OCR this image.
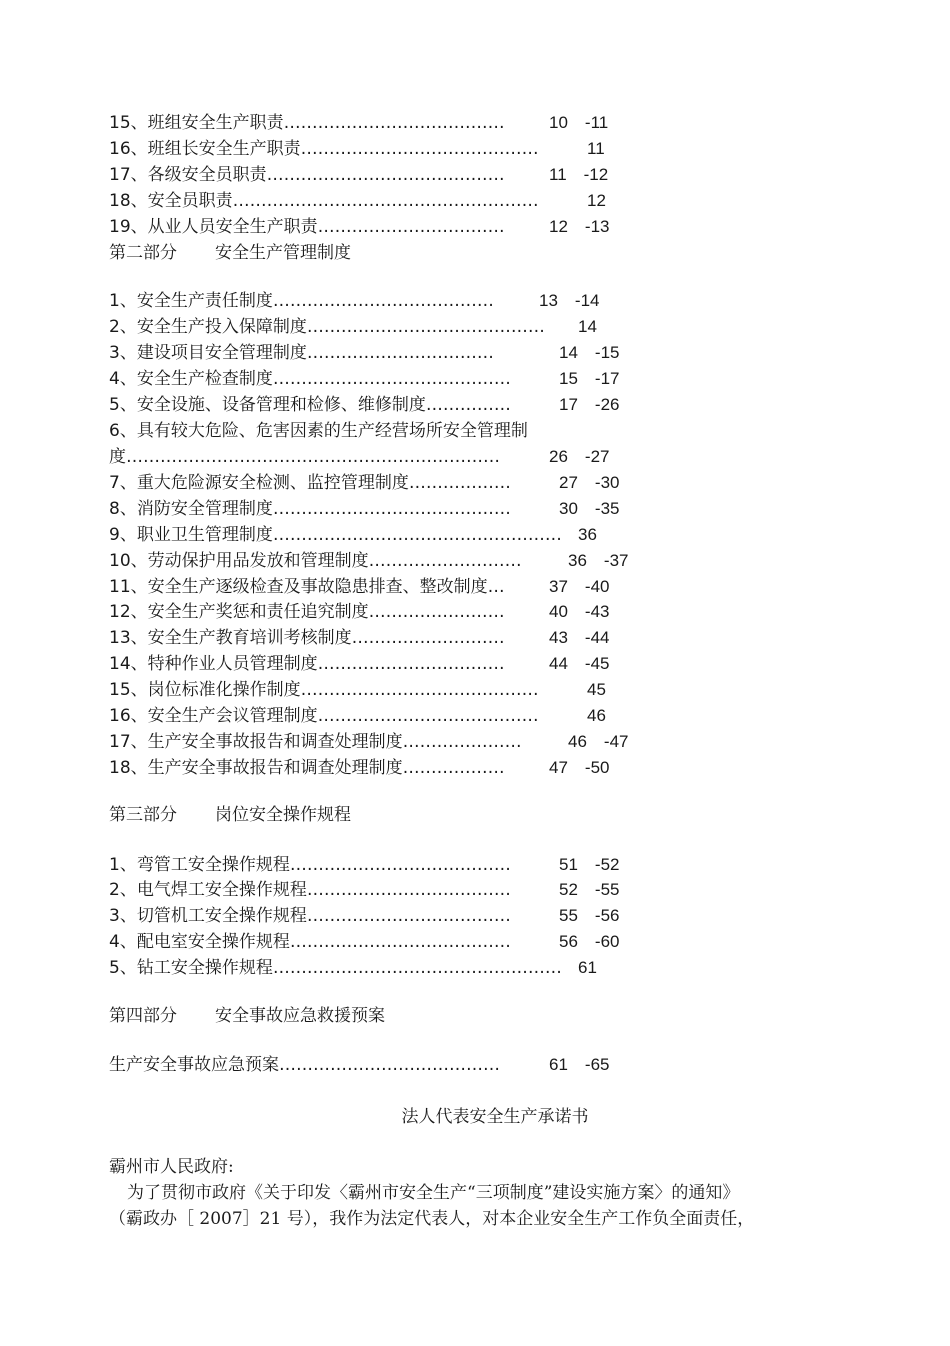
15、班组安全生产职责…………………………………	10　-11
16、班组长安全生产职责……………………………………	11
17、各级安全员职责……………………………………	11　-12
18、安全员职责………………………………………………	12
19、从业人员安全生产职责……………………………	12　-13
第二部分 安全生产管理制度
1、安全生产责任制度…………………………………	13　-14
2、安全生产投入保障制度…………………………………… 14
3、建设项目安全管理制度……………………………	14　-15
4、安全生产检查制度……………………………………	15　-17
5、安全设施、设备管理和检修、维修制度……………	17　-26
6、具有较大危险、危害因素的生产经营场所安全管理制
度…………………………………………………………	26　-27
7、重大危险源安全检测、监控管理制度………………	27　-30
8、消防安全管理制度……………………………………	30　-35
9、职业卫生管理制度…………………………………………… 36
10、劳动保护用品发放和管理制度………………………	36　-37
11、安全生产逐级检查及事故隐患排查、整改制度…	37　-40
12、安全生产奖惩和责任追究制度……………………	40　-43
13、安全生产教育培训考核制度………………………	43　-44
14、特种作业人员管理制度……………………………	44　-45
15、岗位标准化操作制度……………………………………	45
16、安全生产会议管理制度…………………………………	46
17、生产安全事故报告和调查处理制度…………………	46　-47
18、生产安全事故报告和调查处理制度………………	47　-50
第三部分 岗位安全操作规程
1、弯管工安全操作规程…………………………………	51　-52
2、电气焊工安全操作规程………………………………	52　-55
3、切管机工安全操作规程………………………………	55　-56
4、配电室安全操作规程…………………………………	56　-60
5、钻工安全操作规程…………………………………………… 61
第四部分 安全事故应急救援预案
生产安全事故应急预案…………………………………	61　-65
法人代表安全生产承诺书
霸州市人民政府:
为了贯彻市政府《关于印发〈霸州市安全生产“三项制度”建设实施方案〉的通知》
（霸政办［ 2007］21 号），我作为法定代表人，对本企业安全生产工作负全面责任，
